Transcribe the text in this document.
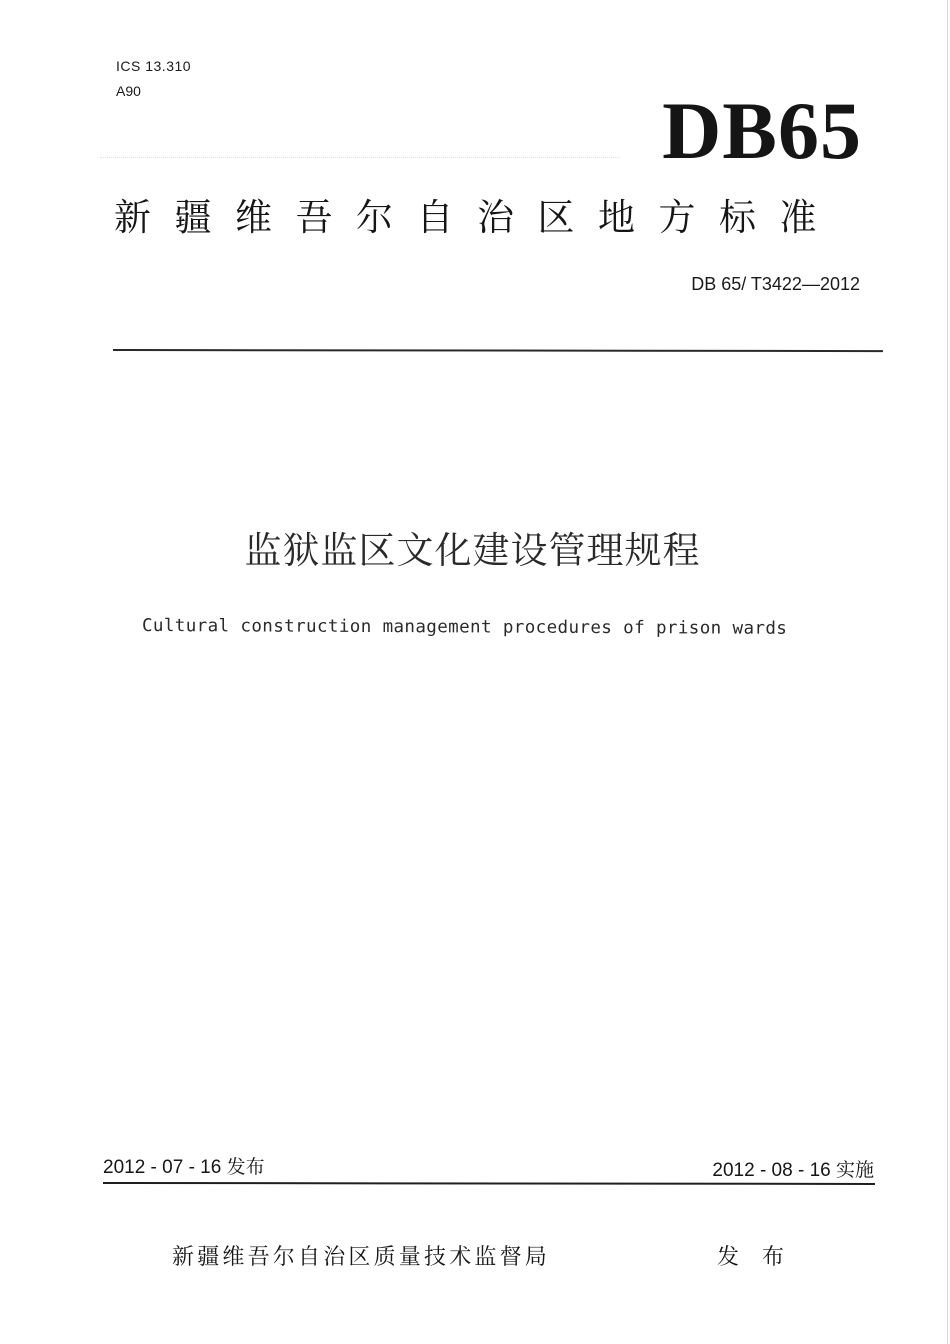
ICS 13.310
A90	DB65
新疆维吾尔自治区地方标准
DB 65/ T3422—2012
监狱监区文化建设管理规程
Cultural construction management procedures of prison wards
2012 - 07 - 16 发布	2012 - 08 - 16 实施
新疆维吾尔自治区质量技术监督局	发 布
